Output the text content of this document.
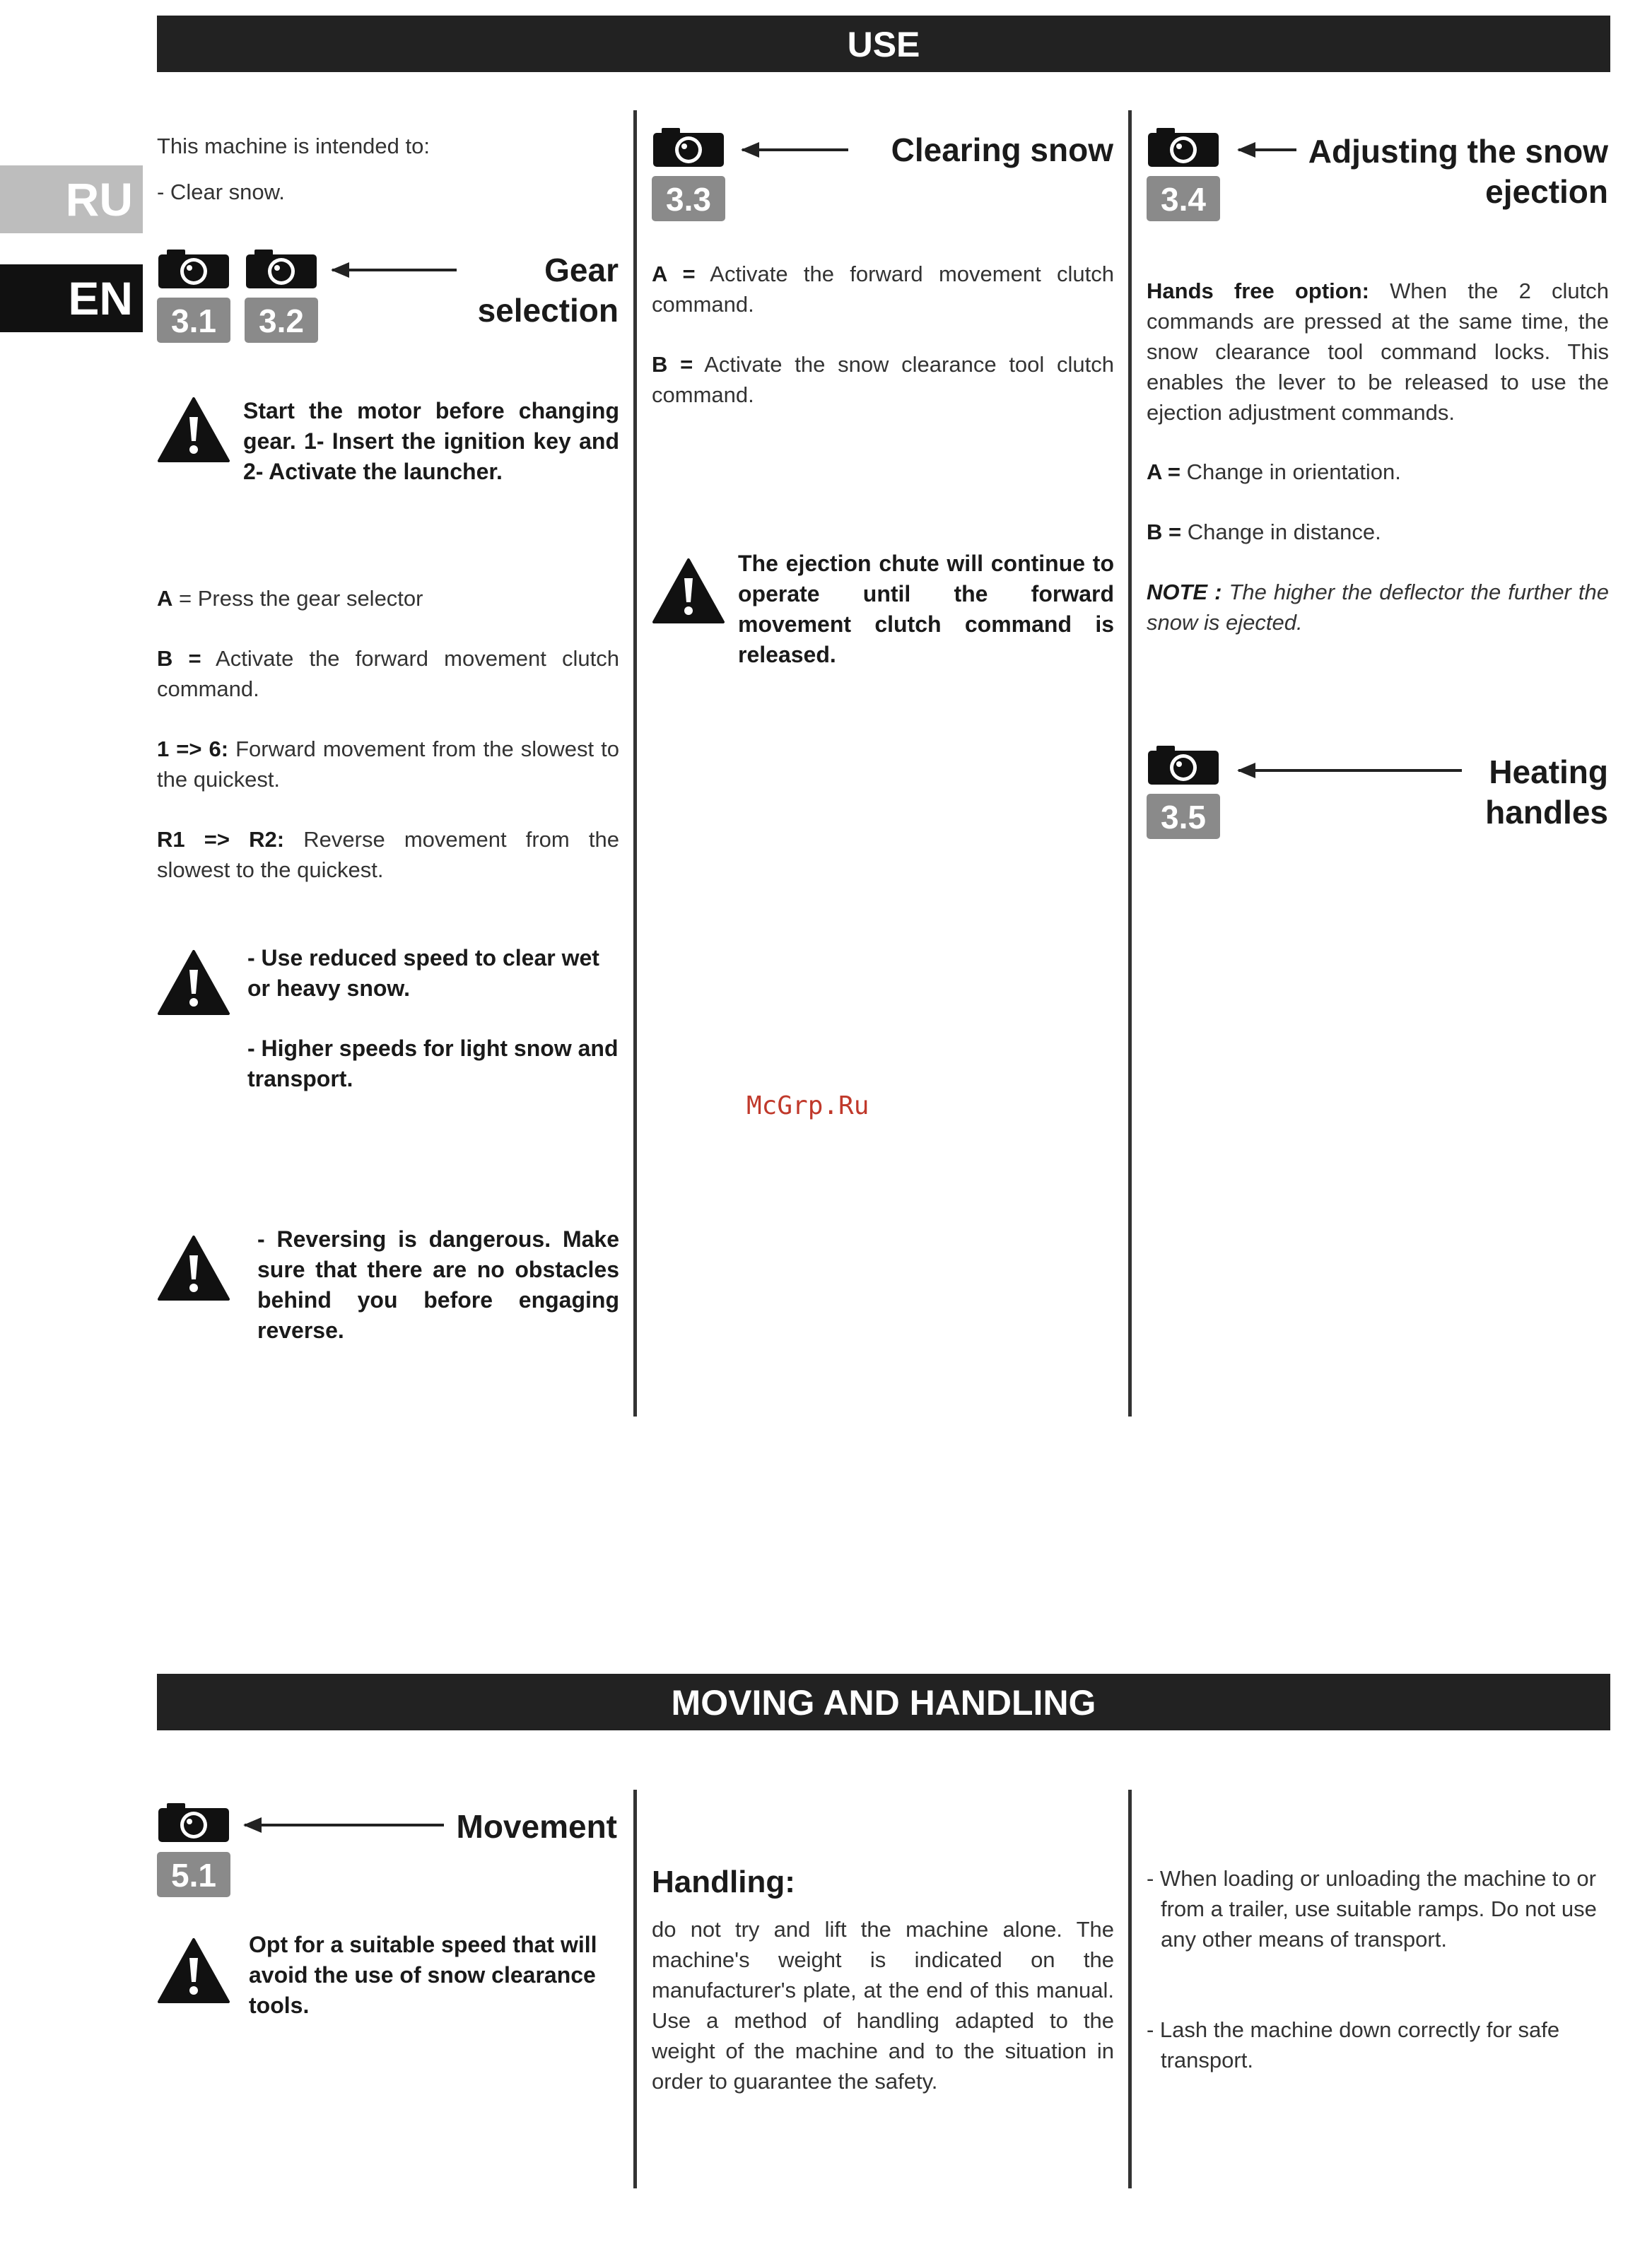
RU
EN
USE
This machine is intended to:
- Clear snow.
3.1	3.2
Gear
selection
Start the motor before changing gear. 1- Insert the ignition key and 2- Activate the launcher.
A = Press the gear selector
B = Activate the forward movement clutch command.
1 => 6: Forward movement from the slowest to the quickest.
R1 => R2: Reverse movement from the slowest to the quickest.
- Use reduced speed to clear wet or heavy snow.
- Higher speeds for light snow and transport.
- Reversing is dangerous. Make sure that there are no obstacles behind you before engaging reverse.
3.3
Clearing snow
A = Activate the forward movement clutch command.
B = Activate the snow clearance tool clutch command.
The ejection chute will continue to operate until the forward movement clutch command is released.
McGrp.Ru
3.4
Adjusting the snow
ejection
Hands free option: When the 2 clutch commands are pressed at the same time, the snow clearance tool command locks. This enables the lever to be released to use the ejection adjustment commands.
A = Change in orientation.
B = Change in distance.
NOTE : The higher the deflector the further the snow is ejected.
3.5
Heating
handles
MOVING AND HANDLING
5.1
Movement
Opt for a suitable speed that will avoid the use of snow clearance tools.
Handling:
do not try and lift the machine alone. The machine's weight is indicated on the manufacturer's plate, at the end of this manual. Use a method of handling adapted to the weight of the machine and to the situation in order to guarantee the safety.
- When loading or unloading the machine to or from a trailer, use suitable ramps. Do not use any other means of transport.
- Lash the machine down correctly for safe transport.
